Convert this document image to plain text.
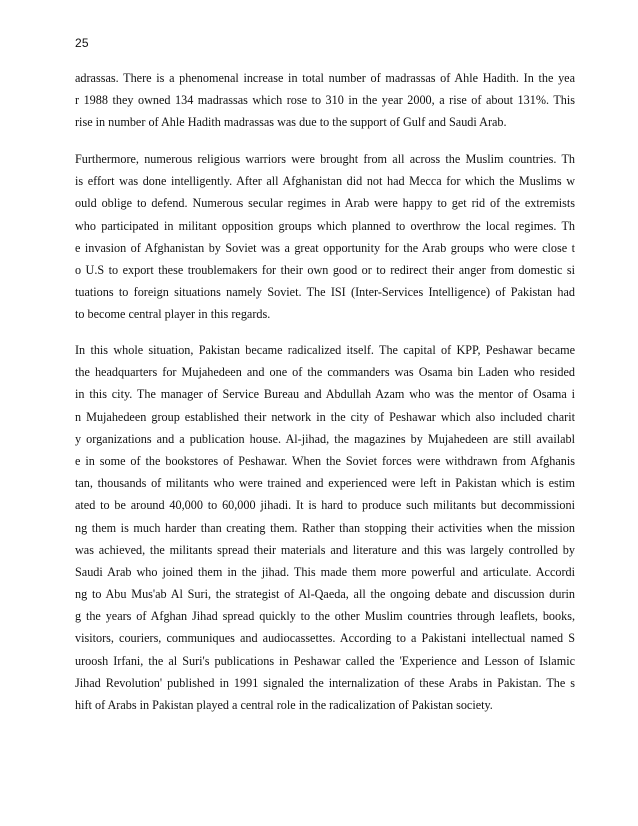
25
adrassas. There is a phenomenal increase in total number of madrassas of Ahle Hadith. In the yea
r 1988 they owned 134 madrassas which rose to 310 in the year 2000, a rise of about 131%. This
rise in number of Ahle Hadith madrassas was due to the support of Gulf and Saudi Arab.
Furthermore, numerous religious warriors were brought from all across the Muslim countries. Th
is effort was done intelligently. After all Afghanistan did not had Mecca for which the Muslims w
ould oblige to defend. Numerous secular regimes in Arab were happy to get rid of the extremists
who participated in militant opposition groups which planned to overthrow the local regimes. Th
e invasion of Afghanistan by Soviet was a great opportunity for the Arab groups who were close t
o U.S to export these troublemakers for their own good or to redirect their anger from domestic si
tuations to foreign situations namely Soviet. The ISI (Inter-Services Intelligence) of Pakistan had
to become central player in this regards.
In this whole situation, Pakistan became radicalized itself. The capital of KPP, Peshawar became
the headquarters for Mujahedeen and one of the commanders was Osama bin Laden who resided
in this city. The manager of Service Bureau and Abdullah Azam who was the mentor of Osama i
n Mujahedeen group established their network in the city of Peshawar which also included charit
y organizations and a publication house. Al-jihad, the magazines by Mujahedeen are still availabl
e in some of the bookstores of Peshawar. When the Soviet forces were withdrawn from Afghanis
tan, thousands of militants who were trained and experienced were left in Pakistan which is estim
ated to be around 40,000 to 60,000 jihadi. It is hard to produce such militants but decommissioni
ng them is much harder than creating them. Rather than stopping their activities when the mission
was achieved, the militants spread their materials and literature and this was largely controlled by
Saudi Arab who joined them in the jihad. This made them more powerful and articulate. Accordi
ng to Abu Mus'ab Al Suri, the strategist of Al-Qaeda, all the ongoing debate and discussion durin
g the years of Afghan Jihad spread quickly to the other Muslim countries through leaflets, books,
visitors, couriers, communiques and audiocassettes. According to a Pakistani intellectual named S
uroosh Irfani, the al Suri's publications in Peshawar called the 'Experience and Lesson of Islamic
Jihad Revolution' published in 1991 signaled the internalization of these Arabs in Pakistan. The s
hift of Arabs in Pakistan played a central role in the radicalization of Pakistan society.
